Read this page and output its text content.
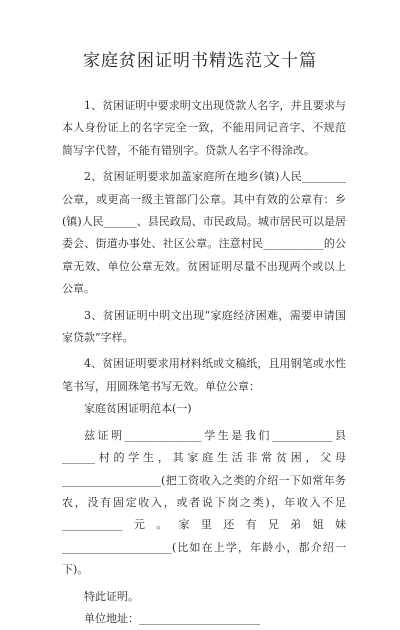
家庭贫困证明书精选范文十篇

1、贫困证明中要求明文出现贷款人名字，并且要求与本人身份证上的名字完全一致，不能用同记音字、不规范简写字代替，不能有错别字。贷款人名字不得涂改。

2、贫困证明要求加盖家庭所在地乡(镇)人民________公章，或更高一级主管部门公章。其中有效的公章有：乡(镇)人民______、县民政局、市民政局。城市居民可以是居委会、街道办事处、社区公章。注意村民___________的公章无效、单位公章无效。贫困证明尽量不出现两个或以上公章。

3、贫困证明中明文出现“家庭经济困难，需要申请国家贷款”字样。

4、贫困证明要求用材料纸或文稿纸，且用钢笔或水性笔书写，用圆珠笔书写无效。单位公章：

家庭贫困证明范本(一)

兹证明______________学生是我们___________县______村的学生，其家庭生活非常贫困，父母__________________(把工资收入之类的介绍一下如常年务农，没有固定收入，或者说下岗之类)，年收入不足___________元。家里还有兄弟姐妹____________________(比如在上学，年龄小，都介绍一下)。

特此证明。

单位地址：______________________
